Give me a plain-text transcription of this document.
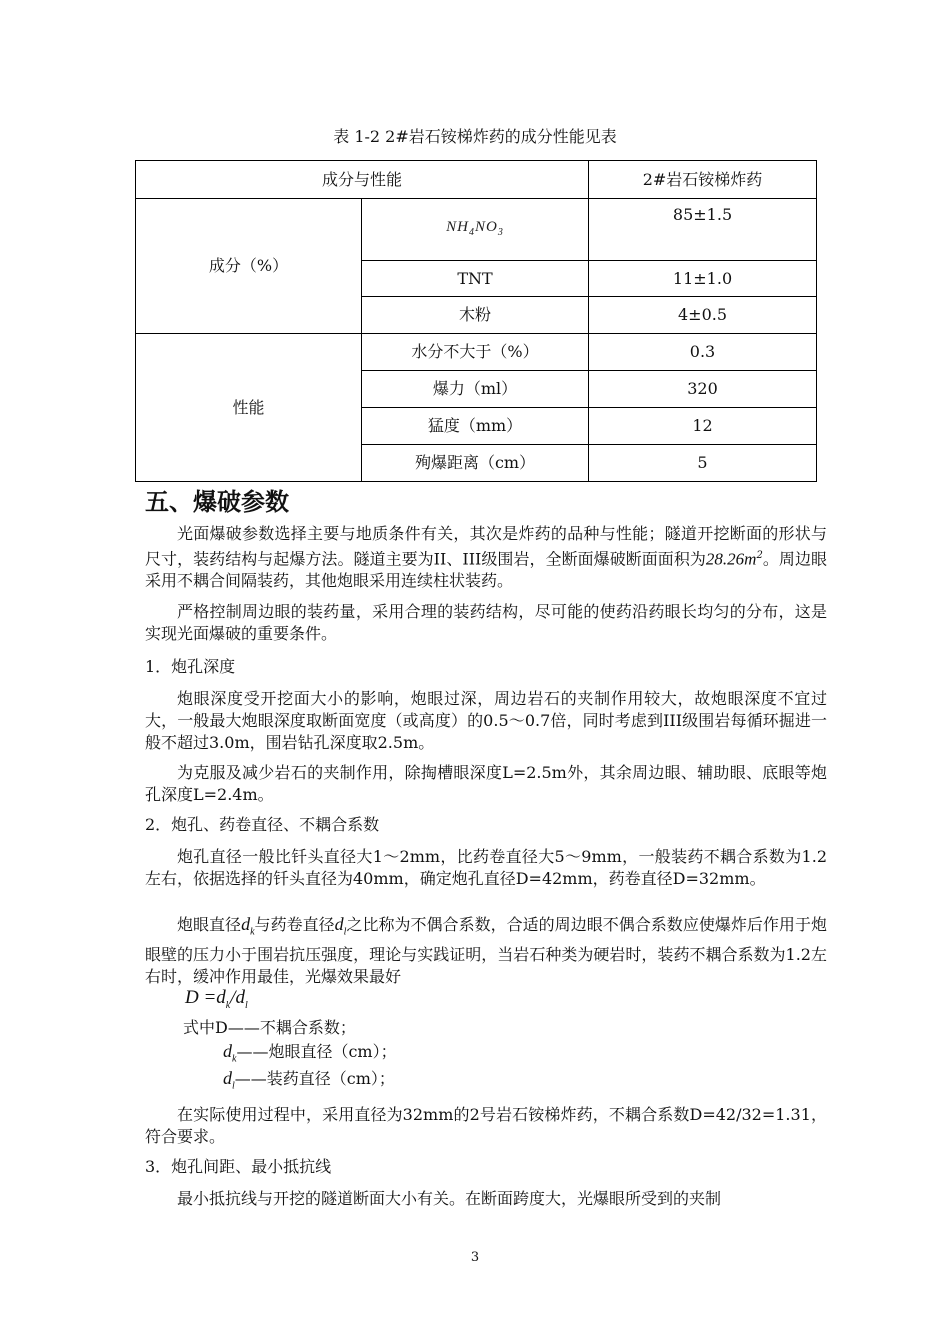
表 1-2 2#岩石铵梯炸药的成分性能见表
成分与性能		2#岩石铵梯炸药
成分（%）	$NH_4NO_3$	85±1.5
	TNT	11±1.0
	木粉	4±0.5
性能	水分不大于（%）	0.3
	爆力（ml）	320
	猛度（mm）	12
	殉爆距离（cm）	5
五、爆破参数

光面爆破参数选择主要与地质条件有关，其次是炸药的品种与性能；隧道开挖断面的形状与尺寸，装药结构与起爆方法。隧道主要为II、III级围岩，全断面爆破断面面积为$28.26m^2$。周边眼采用不耦合间隔装药，其他炮眼采用连续柱状装药。

严格控制周边眼的装药量，采用合理的装药结构，尽可能的使药沿药眼长均匀的分布，这是实现光面爆破的重要条件。

1．炮孔深度

炮眼深度受开挖面大小的影响，炮眼过深，周边岩石的夹制作用较大，故炮眼深度不宜过大，一般最大炮眼深度取断面宽度（或高度）的0.5～0.7倍，同时考虑到III级围岩每循环掘进一般不超过3.0m，围岩钻孔深度取2.5m。

为克服及减少岩石的夹制作用，除掏槽眼深度L=2.5m外，其余周边眼、辅助眼、底眼等炮孔深度L=2.4m。

2．炮孔、药卷直径、不耦合系数

炮孔直径一般比钎头直径大1～2mm，比药卷直径大5～9mm，一般装药不耦合系数为1.2左右，依据选择的钎头直径为40mm，确定炮孔直径D=42mm，药卷直径D=32mm。

炮眼直径$d_k$与药卷直径$d_l$之比称为不偶合系数，合适的周边眼不偶合系数应使爆炸后作用于炮眼壁的压力小于围岩抗压强度，理论与实践证明，当岩石种类为硬岩时，装药不耦合系数为1.2左右时，缓冲作用最佳，光爆效果最好

$D =d_k/d_l$

式中D——不耦合系数；

$d_k——$炮眼直径（cm）；

$d_l——$装药直径（cm）；

在实际使用过程中，采用直径为32mm的2号岩石铵梯炸药，不耦合系数D=42/32=1.31，符合要求。

3．炮孔间距、最小抵抗线

最小抵抗线与开挖的隧道断面大小有关。在断面跨度大，光爆眼所受到的夹制

3
